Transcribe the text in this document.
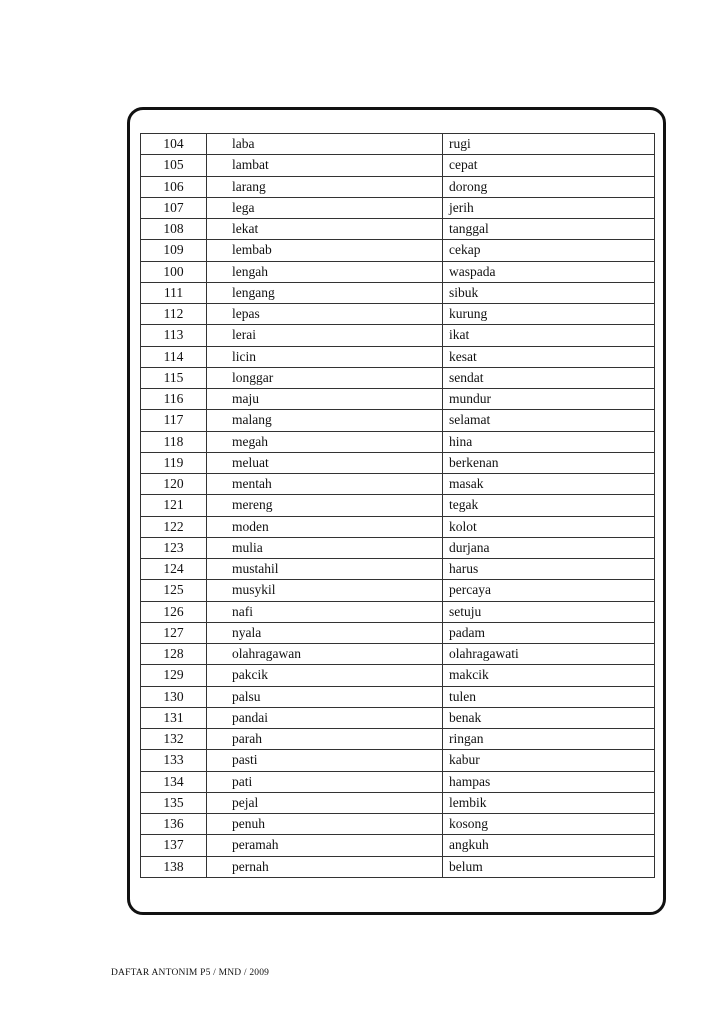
104	laba	rugi
105	lambat	cepat
106	larang	dorong
107	lega	jerih
108	lekat	tanggal
109	lembab	cekap
100	lengah	waspada
111	lengang	sibuk
112	lepas	kurung
113	lerai	ikat
114	licin	kesat
115	longgar	sendat
116	maju	mundur
117	malang	selamat
118	megah	hina
119	meluat	berkenan
120	mentah	masak
121	mereng	tegak
122	moden	kolot
123	mulia	durjana
124	mustahil	harus
125	musykil	percaya
126	nafi	setuju
127	nyala	padam
128	olahragawan	olahragawati
129	pakcik	makcik
130	palsu	tulen
131	pandai	benak
132	parah	ringan
133	pasti	kabur
134	pati	hampas
135	pejal	lembik
136	penuh	kosong
137	peramah	angkuh
138	pernah	belum
DAFTAR ANTONIM P5 / MND / 2009
